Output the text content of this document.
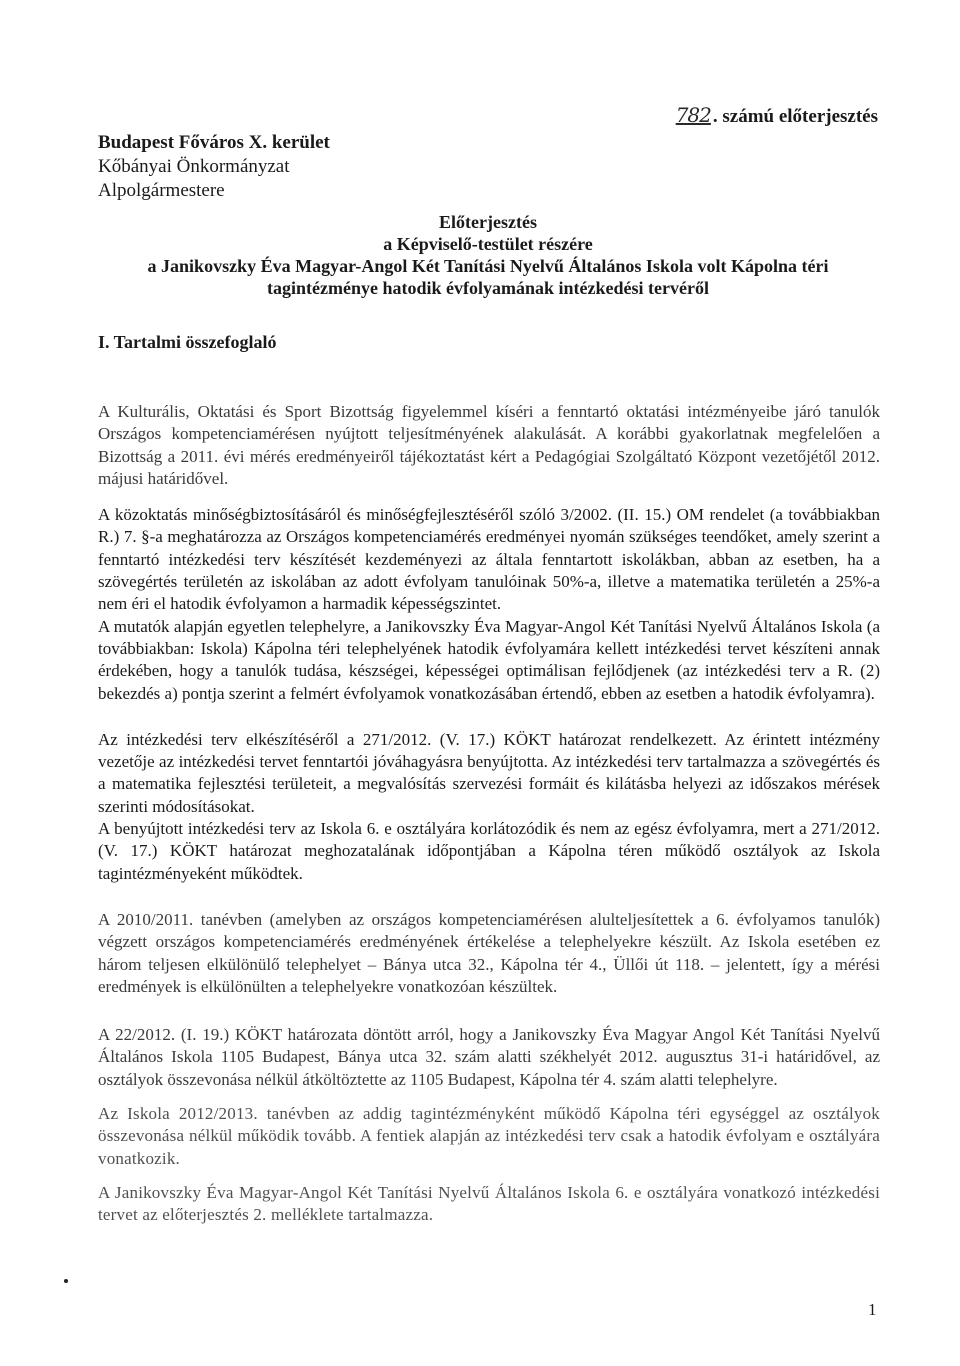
Budapest Főváros X. kerület
Kőbányai Önkormányzat
Alpolgármestere
782 . számú előterjesztés
Előterjesztés
a Képviselő-testület részére
a Janikovszky Éva Magyar-Angol Két Tanítási Nyelvű Általános Iskola volt Kápolna téri
tagintézménye hatodik évfolyamának intézkedési tervéről
I. Tartalmi összefoglaló

A Kulturális, Oktatási és Sport Bizottság figyelemmel kíséri a fenntartó oktatási intézményeibe járó tanulók Országos kompetenciamérésen nyújtott teljesítményének alakulását. A korábbi gyakorlatnak megfelelően a Bizottság a 2011. évi mérés eredményeiről tájékoztatást kért a Pedagógiai Szolgáltató Központ vezetőjétől 2012. májusi határidővel.

A közoktatás minőségbiztosításáról és minőségfejlesztéséről szóló 3/2002. (II. 15.) OM rendelet (a továbbiakban R.) 7. §-a meghatározza az Országos kompetenciamérés eredményei nyomán szükséges teendőket, amely szerint a fenntartó intézkedési terv készítését kezdeményezi az általa fenntartott iskolákban, abban az esetben, ha a szövegértés területén az iskolában az adott évfolyam tanulóinak 50%-a, illetve a matematika területén a 25%-a nem éri el hatodik évfolyamon a harmadik képességszintet.

A mutatók alapján egyetlen telephelyre, a Janikovszky Éva Magyar-Angol Két Tanítási Nyelvű Általános Iskola (a továbbiakban: Iskola) Kápolna téri telephelyének hatodik évfolyamára kellett intézkedési tervet készíteni annak érdekében, hogy a tanulók tudása, készségei, képességei optimálisan fejlődjenek (az intézkedési terv a R. (2) bekezdés a) pontja szerint a felmért évfolyamok vonatkozásában értendő, ebben az esetben a hatodik évfolyamra).

Az intézkedési terv elkészítéséről a 271/2012. (V. 17.) KÖKT határozat rendelkezett. Az érintett intézmény vezetője az intézkedési tervet fenntartói jóváhagyásra benyújtotta. Az intézkedési terv tartalmazza a szövegértés és a matematika fejlesztési területeit, a megvalósítás szervezési formáit és kilátásba helyezi az időszakos mérések szerinti módosításokat.

A benyújtott intézkedési terv az Iskola 6. e osztályára korlátozódik és nem az egész évfolyamra, mert a 271/2012. (V. 17.) KÖKT határozat meghozatalának időpontjában a Kápolna téren működő osztályok az Iskola tagintézményeként működtek.

A 2010/2011. tanévben (amelyben az országos kompetenciamérésen alulteljesítettek a 6. évfolyamos tanulók) végzett országos kompetenciamérés eredményének értékelése a telephelyekre készült. Az Iskola esetében ez három teljesen elkülönülő telephelyet – Bánya utca 32., Kápolna tér 4., Üllői út 118. – jelentett, így a mérési eredmények is elkülönülten a telephelyekre vonatkozóan készültek.

A 22/2012. (I. 19.) KÖKT határozata döntött arról, hogy a Janikovszky Éva Magyar Angol Két Tanítási Nyelvű Általános Iskola 1105 Budapest, Bánya utca 32. szám alatti székhelyét 2012. augusztus 31-i határidővel, az osztályok összevonása nélkül átköltöztette az 1105 Budapest, Kápolna tér 4. szám alatti telephelyre.

Az Iskola 2012/2013. tanévben az addig tagintézményként működő Kápolna téri egységgel az osztályok összevonása nélkül működik tovább. A fentiek alapján az intézkedési terv csak a hatodik évfolyam e osztályára vonatkozik.

A Janikovszky Éva Magyar-Angol Két Tanítási Nyelvű Általános Iskola 6. e osztályára vonatkozó intézkedési tervet az előterjesztés 2. melléklete tartalmazza.

1
